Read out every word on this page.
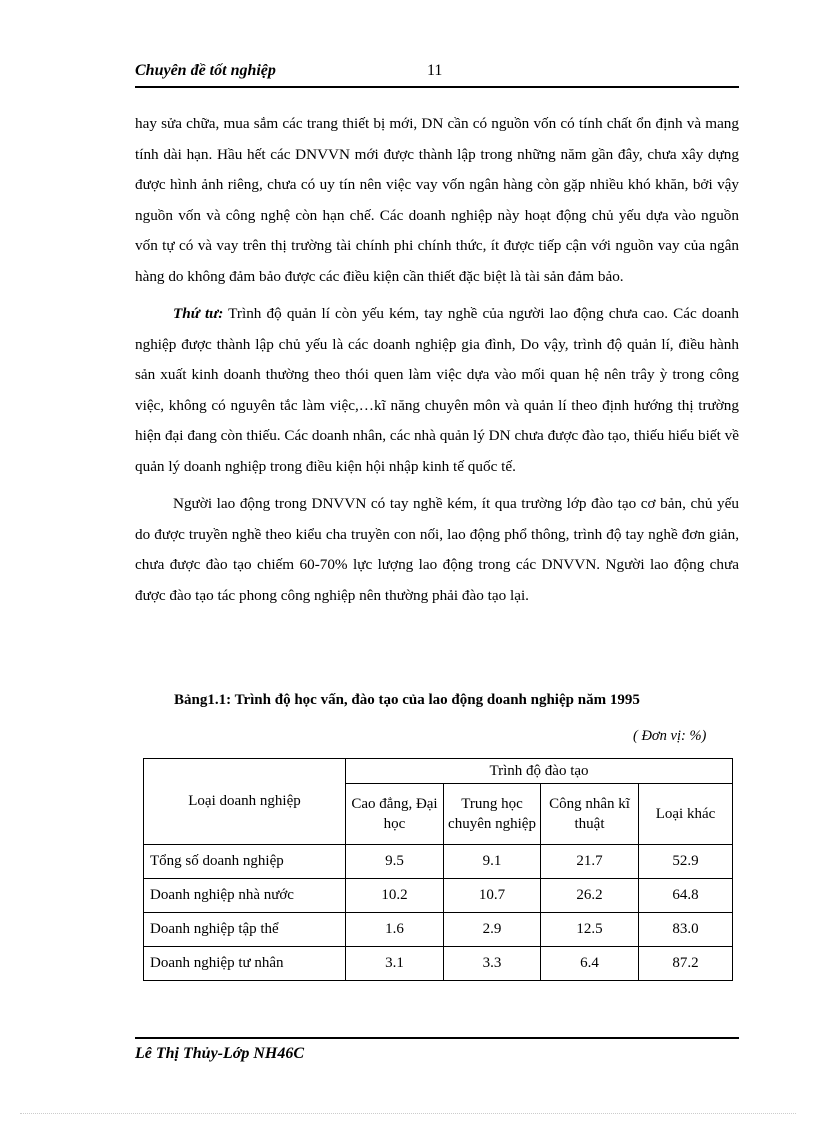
Chuyên đề tốt nghiệp	11

hay sửa chữa, mua sắm các trang thiết bị mới, DN cần có nguồn vốn có tính chất ổn định và mang tính dài hạn. Hầu hết các DNVVN mới được thành lập trong những năm gần đây, chưa xây dựng được hình ảnh riêng, chưa có uy tín nên việc vay vốn ngân hàng còn gặp nhiều khó khăn, bởi vậy nguồn vốn và công nghệ còn hạn chế. Các doanh nghiệp này hoạt động chủ yếu dựa vào nguồn vốn tự có và vay trên thị trường tài chính phi chính thức, ít được tiếp cận với nguồn vay của ngân hàng do không đảm bảo được các điều kiện cần thiết đặc biệt là tài sản đảm bảo.

Thứ tư: Trình độ quản lí còn yếu kém, tay nghề của người lao động chưa cao. Các doanh nghiệp được thành lập chủ yếu là các doanh nghiệp gia đình, Do vậy, trình độ quản lí, điều hành sản xuất kinh doanh thường theo thói quen làm việc dựa vào mối quan hệ nên trây ỳ trong công việc, không có nguyên tắc làm việc,…kĩ năng chuyên môn và quản lí theo định hướng thị trường hiện đại đang còn thiếu. Các doanh nhân, các nhà quản lý DN chưa được đào tạo, thiếu hiểu biết về quản lý doanh nghiệp trong điều kiện hội nhập kinh tế quốc tế.

Người lao động trong DNVVN có tay nghề kém, ít qua trường lớp đào tạo cơ bản, chủ yếu do được truyền nghề theo kiểu cha truyền con nối, lao động phổ thông, trình độ tay nghề đơn giản, chưa được đào tạo chiếm 60-70% lực lượng lao động trong các DNVVN. Người lao động chưa được đào tạo tác phong công nghiệp nên thường phải đào tạo lại.

Bảng1.1: Trình độ học vấn, đào tạo của lao động doanh nghiệp năm 1995
( Đơn vị: %)
Loại doanh nghiệp	Trình độ đào tạo			
	Cao đẳng, Đại học	Trung học chuyên nghiệp	Công nhân kĩ thuật	Loại khác
Tổng số doanh nghiệp	9.5	9.1	21.7	52.9
Doanh nghiệp nhà nước	10.2	10.7	26.2	64.8
Doanh nghiệp tập thể	1.6	2.9	12.5	83.0
Doanh nghiệp tư nhân	3.1	3.3	6.4	87.2
Lê Thị Thủy-Lớp NH46C
